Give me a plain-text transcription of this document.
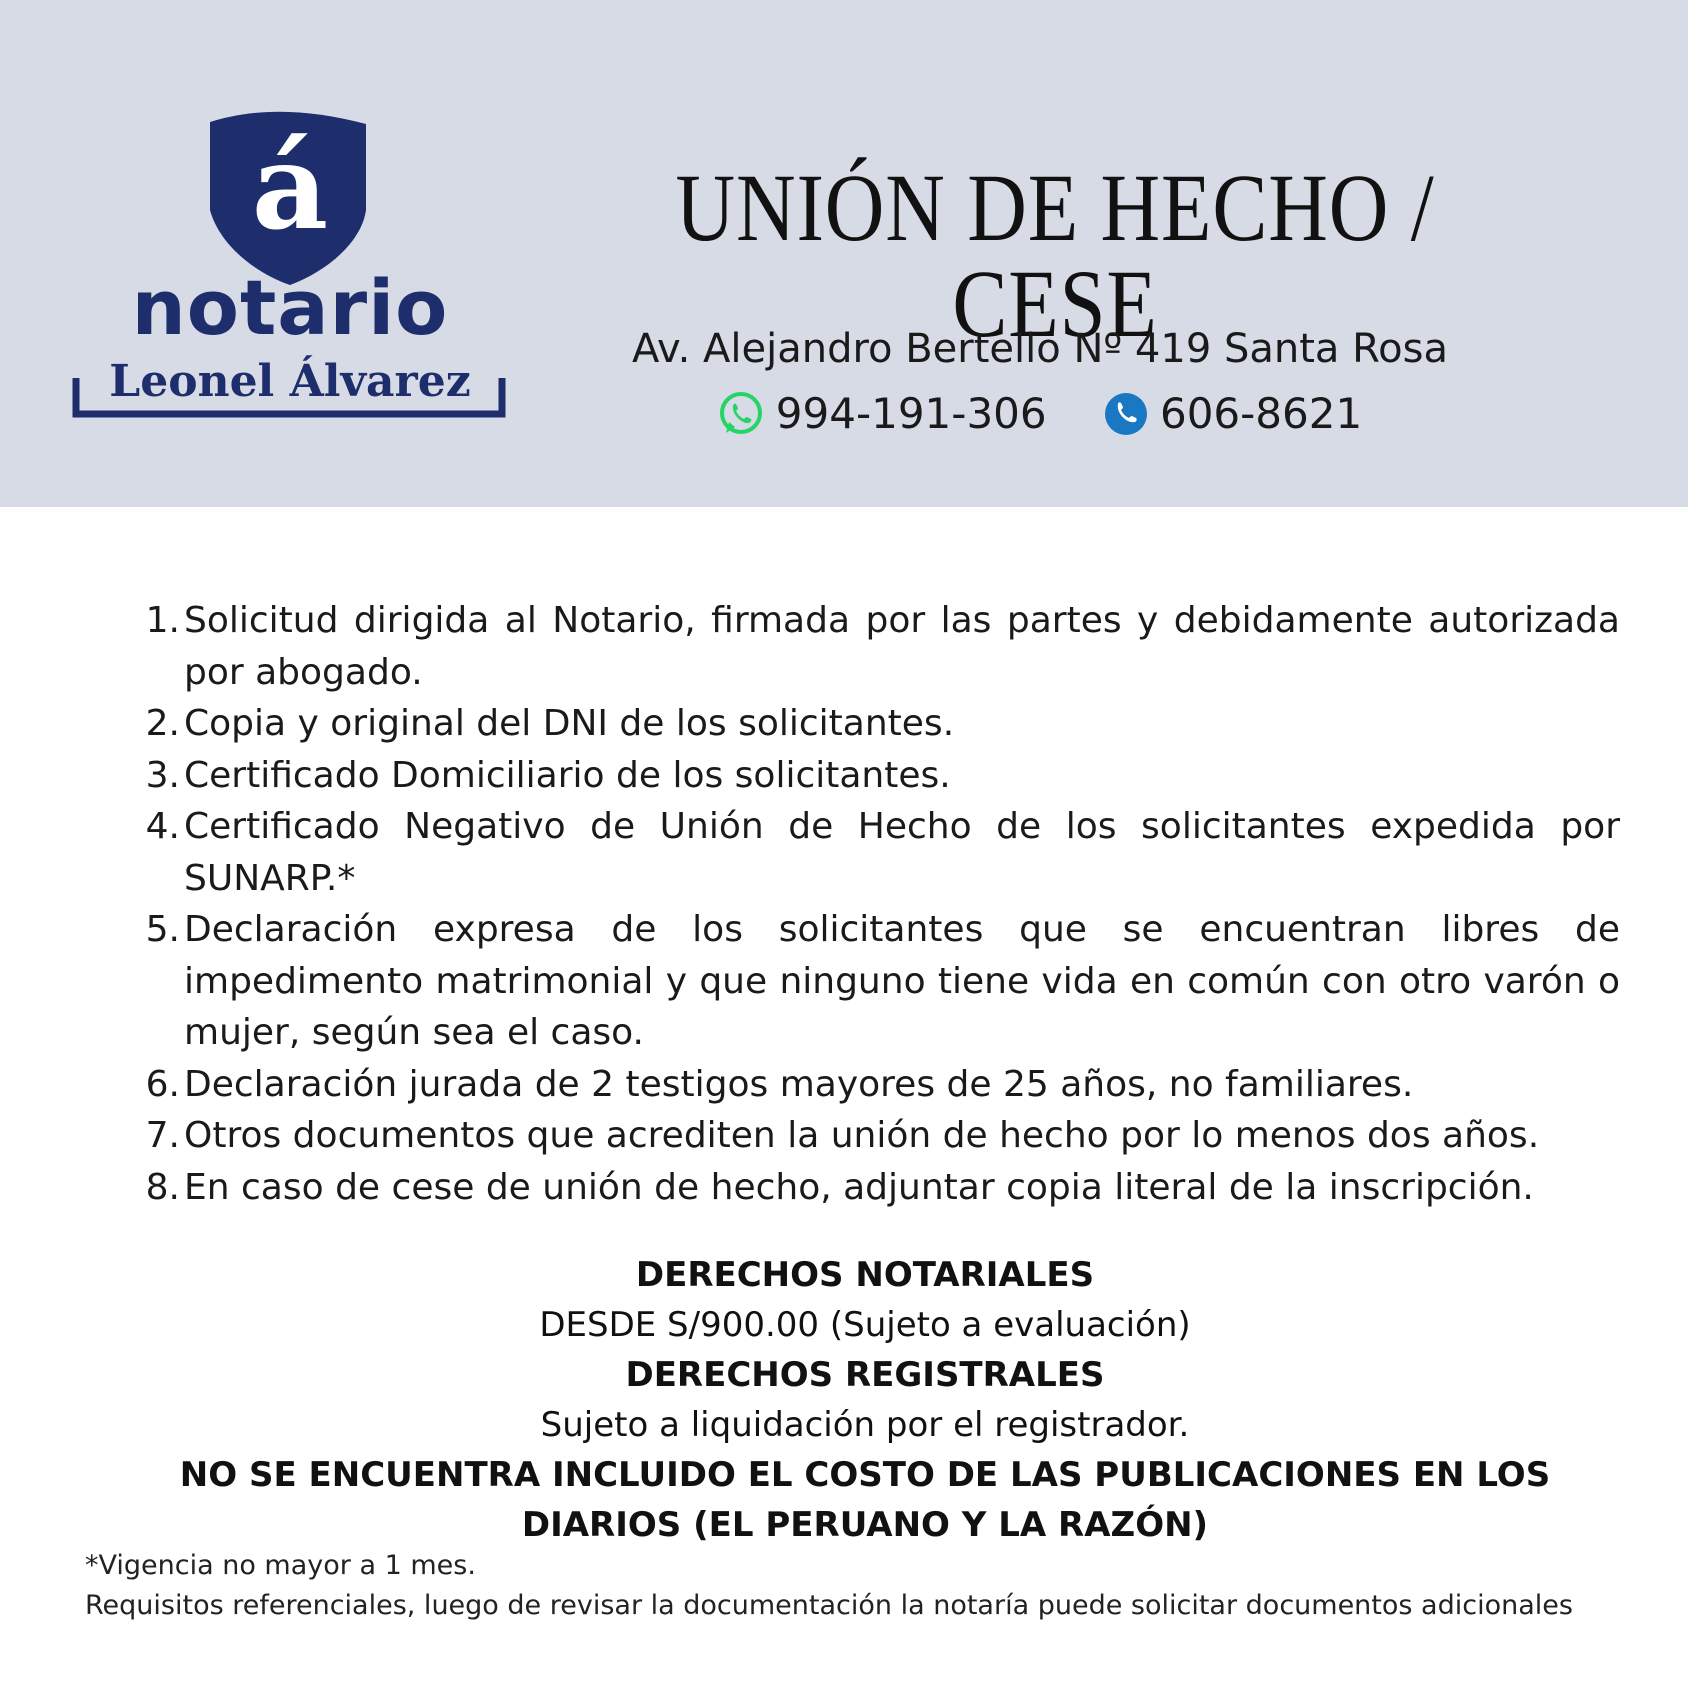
á
notario
Leonel Álvarez
UNIÓN DE HECHO / CESE
Av. Alejandro Bertello Nº 419 Santa Rosa
994-191-306
	606-8621
1. Solicitud dirigida al Notario, firmada por las partes y debidamente autorizada por abogado.
2. Copia y original del DNI de los solicitantes.
3. Certificado Domiciliario de los solicitantes.
4. Certificado Negativo de Unión de Hecho de los solicitantes expedida por SUNARP.*
5. Declaración expresa de los solicitantes que se encuentran libres de impedimento matrimonial y que ninguno tiene vida en común con otro varón o mujer, según sea el caso.
6. Declaración jurada de 2 testigos mayores de 25 años, no familiares.
7. Otros documentos que acrediten la unión de hecho por lo menos dos años.
8. En caso de cese de unión de hecho, adjuntar copia literal de la inscripción.
DERECHOS NOTARIALES
DESDE S/900.00 (Sujeto a evaluación)
DERECHOS REGISTRALES
Sujeto a liquidación por el registrador.
NO SE ENCUENTRA INCLUIDO EL COSTO DE LAS PUBLICACIONES EN LOS DIARIOS (EL PERUANO Y LA RAZÓN)
*Vigencia no mayor a 1 mes.
Requisitos referenciales, luego de revisar la documentación la notaría puede solicitar documentos adicionales
